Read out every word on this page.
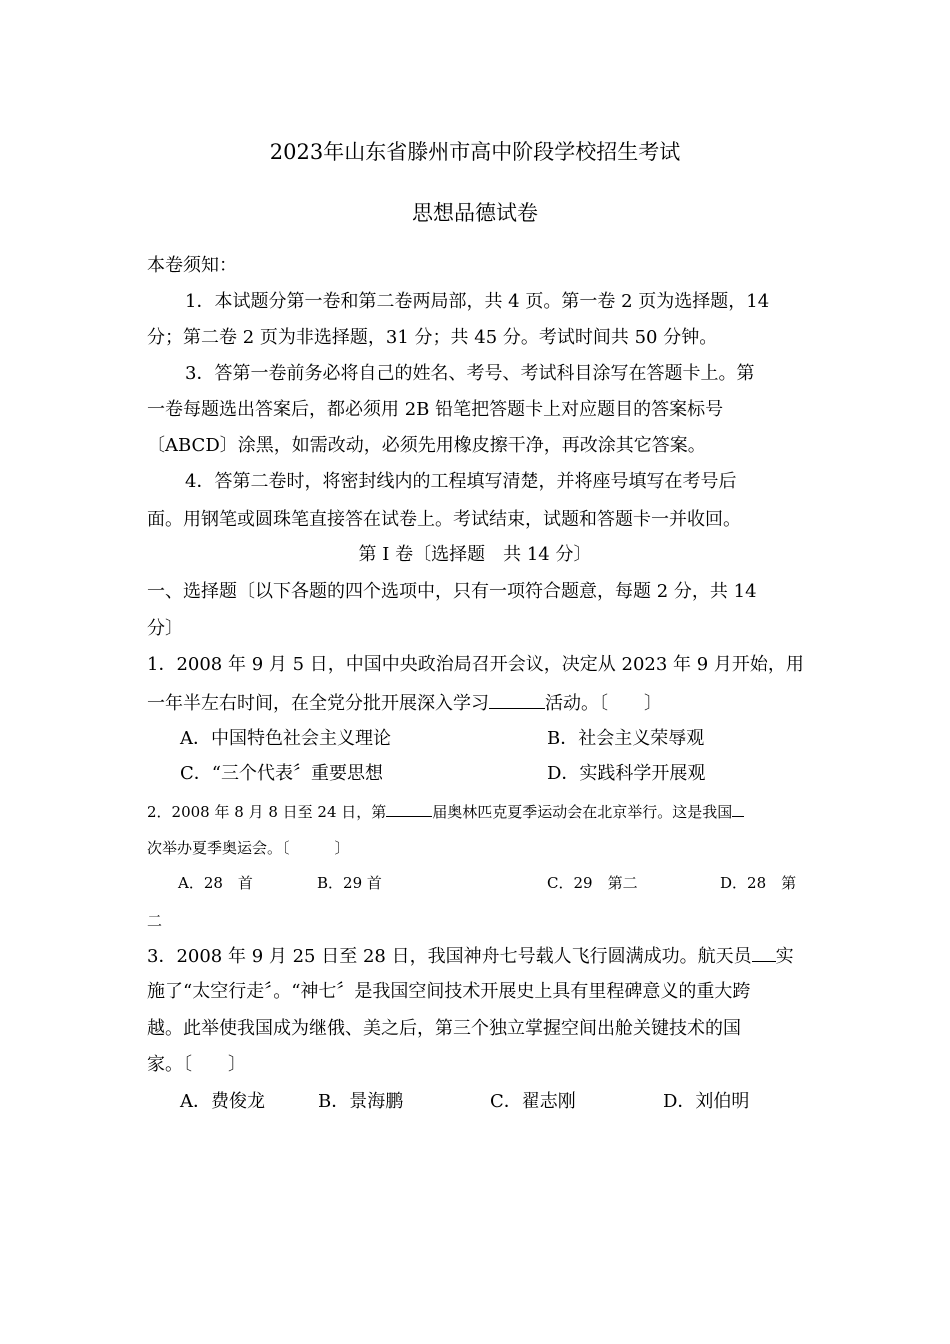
2023年山东省滕州市高中阶段学校招生考试
思想品德试卷
本卷须知：
1．本试题分第一卷和第二卷两局部，共 4 页。第一卷 2 页为选择题，14
分；第二卷 2 页为非选择题，31 分；共 45 分。考试时间共 50 分钟。
3．答第一卷前务必将自己的姓名、考号、考试科目涂写在答题卡上。第
一卷每题选出答案后，都必须用 2B 铅笔把答题卡上对应题目的答案标号
〔ABCD〕涂黑，如需改动，必须先用橡皮擦干净，再改涂其它答案。
4．答第二卷时，将密封线内的工程填写清楚，并将座号填写在考号后
面。用钢笔或圆珠笔直接答在试卷上。考试结束，试题和答题卡一并收回。
第 I 卷〔选择题　共 14 分〕
一、选择题〔以下各题的四个选项中，只有一项符合题意，每题 2 分，共 14
分〕
1．2008 年 9 月 5 日，中国中央政治局召开会议，决定从 2023 年 9 月开始，用
一年半左右时间，在全党分批开展深入学习	活动。〔　　〕
A．中国特色社会主义理论	B．社会主义荣辱观
C．“三个代表〞重要思想	D．实践科学开展观
2．2008 年 8 月 8 日至 24 日，第	届奥林匹克夏季运动会在北京举行。这是我国
次举办夏季奥运会。〔　　　〕
A．28　首	B．29 首	C．29　第二	D．28　第
二
3．2008 年 9 月 25 日至 28 日，我国神舟七号载人飞行圆满成功。航天员 实
施了“太空行走〞。“神七〞是我国空间技术开展史上具有里程碑意义的重大跨
越。此举使我国成为继俄、美之后，第三个独立掌握空间出舱关键技术的国
家。〔　　〕
A．费俊龙	B．景海鹏	C．翟志刚	D．刘伯明
